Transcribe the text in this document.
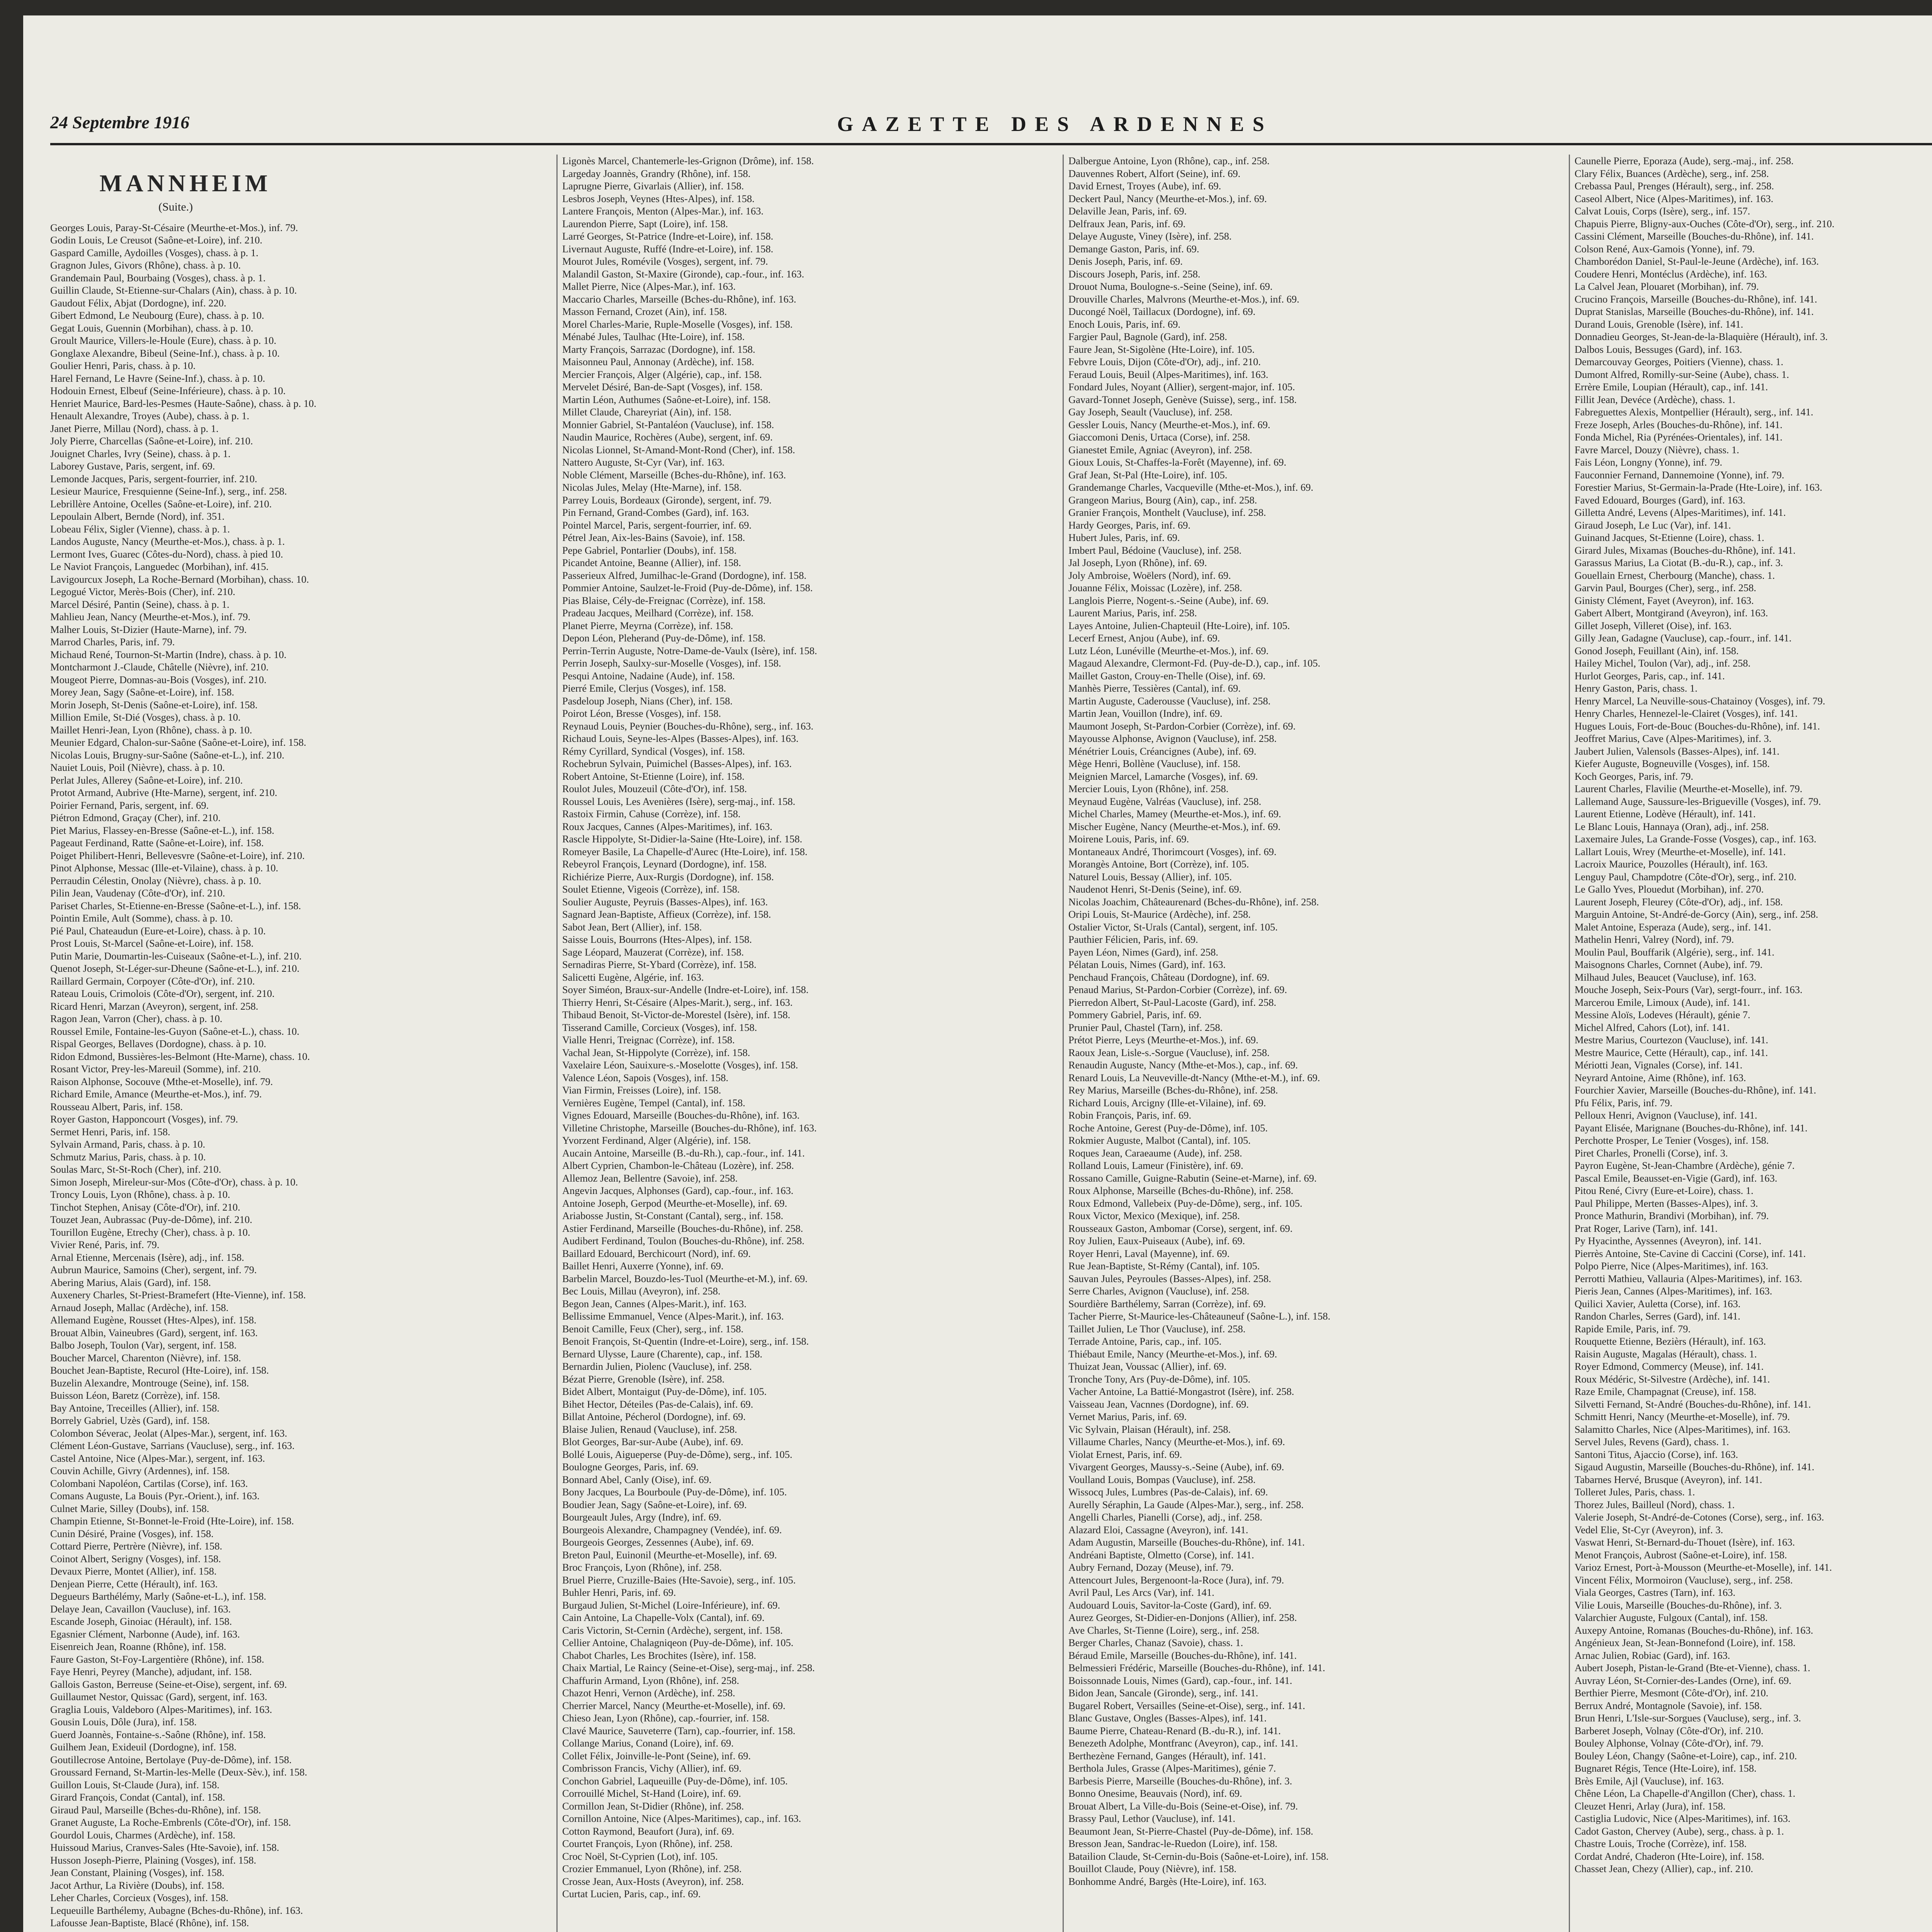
24 Septembre 1916	GAZETTE DES ARDENNES
MANNHEIM
(Suite.)
Georges Louis, Paray-St-Césaire (Meurthe-et-Mos.), inf. 79.
Godin Louis, Le Creusot (Saône-et-Loire), inf. 210.
Gaspard Camille, Aydoilles (Vosges), chass. à p. 1.
Gragnon Jules, Givors (Rhône), chass. à p. 10.
Grandemain Paul, Bourbaing (Vosges), chass. à p. 1.
Guillin Claude, St-Etienne-sur-Chalars (Ain), chass. à p. 10.
Gaudout Félix, Abjat (Dordogne), inf. 220.
Gibert Edmond, Le Neubourg (Eure), chass. à p. 10.
Gegat Louis, Guennin (Morbihan), chass. à p. 10.
Groult Maurice, Villers-le-Houle (Eure), chass. à p. 10.
Gonglaxe Alexandre, Bibeul (Seine-Inf.), chass. à p. 10.
Goulier Henri, Paris, chass. à p. 10.
Harel Fernand, Le Havre (Seine-Inf.), chass. à p. 10.
Hodouin Ernest, Elbeuf (Seine-Inférieure), chass. à p. 10.
Henriet Maurice, Bard-les-Pesmes (Haute-Saône), chass. à p. 10.
Henault Alexandre, Troyes (Aube), chass. à p. 1.
Janet Pierre, Millau (Nord), chass. à p. 1.
Joly Pierre, Charcellas (Saône-et-Loire), inf. 210.
Jouignet Charles, Ivry (Seine), chass. à p. 1.
Laborey Gustave, Paris, sergent, inf. 69.
Lemonde Jacques, Paris, sergent-fourrier, inf. 210.
Lesieur Maurice, Fresquienne (Seine-Inf.), serg., inf. 258.
Lebrillère Antoine, Ocelles (Saône-et-Loire), inf. 210.
Lepoulain Albert, Bernde (Nord), inf. 351.
Lobeau Félix, Sigler (Vienne), chass. à p. 1.
Landos Auguste, Nancy (Meurthe-et-Mos.), chass. à p. 1.
Lermont Ives, Guarec (Côtes-du-Nord), chass. à pied 10.
Le Naviot François, Languedec (Morbihan), inf. 415.
Lavigourcux Joseph, La Roche-Bernard (Morbihan), chass. 10.
Legogué Victor, Merès-Bois (Cher), inf. 210.
Marcel Désiré, Pantin (Seine), chass. à p. 1.
Mahlieu Jean, Nancy (Meurthe-et-Mos.), inf. 79.
Malher Louis, St-Dizier (Haute-Marne), inf. 79.
Marrod Charles, Paris, inf. 79.
Michaud René, Tournon-St-Martin (Indre), chass. à p. 10.
Montcharmont J.-Claude, Châtelle (Nièvre), inf. 210.
Mougeot Pierre, Domnas-au-Bois (Vosges), inf. 210.
Morey Jean, Sagy (Saône-et-Loire), inf. 158.
Morin Joseph, St-Denis (Saône-et-Loire), inf. 158.
Million Emile, St-Dié (Vosges), chass. à p. 10.
Maillet Henri-Jean, Lyon (Rhône), chass. à p. 10.
Meunier Edgard, Chalon-sur-Saône (Saône-et-Loire), inf. 158.
Nicolas Louis, Brugny-sur-Saône (Saône-et-L.), inf. 210.
Nauiet Louis, Poil (Nièvre), chass. à p. 10.
Perlat Jules, Allerey (Saône-et-Loire), inf. 210.
Protot Armand, Aubrive (Hte-Marne), sergent, inf. 210.
Poirier Fernand, Paris, sergent, inf. 69.
Piétron Edmond, Graçay (Cher), inf. 210.
Piet Marius, Flassey-en-Bresse (Saône-et-L.), inf. 158.
Pageaut Ferdinand, Ratte (Saône-et-Loire), inf. 158.
Poiget Philibert-Henri, Bellevesvre (Saône-et-Loire), inf. 210.
Pinot Alphonse, Messac (Ille-et-Vilaine), chass. à p. 10.
Perraudin Célestin, Onolay (Nièvre), chass. à p. 10.
Pilin Jean, Vaudenay (Côte-d'Or), inf. 210.
Pariset Charles, St-Etienne-en-Bresse (Saône-et-L.), inf. 158.
Pointin Emile, Ault (Somme), chass. à p. 10.
Pié Paul, Chateaudun (Eure-et-Loire), chass. à p. 10.
Prost Louis, St-Marcel (Saône-et-Loire), inf. 158.
Putin Marie, Doumartin-les-Cuiseaux (Saône-et-L.), inf. 210.
Quenot Joseph, St-Léger-sur-Dheune (Saône-et-L.), inf. 210.
Raillard Germain, Corpoyer (Côte-d'Or), inf. 210.
Rateau Louis, Crimolois (Côte-d'Or), sergent, inf. 210.
Ricard Henri, Marzan (Aveyron), sergent, inf. 258.
Ragon Jean, Varron (Cher), chass. à p. 10.
Roussel Emile, Fontaine-les-Guyon (Saône-et-L.), chass. 10.
Rispal Georges, Bellaves (Dordogne), chass. à p. 10.
Ridon Edmond, Bussières-les-Belmont (Hte-Marne), chass. 10.
Rosant Victor, Prey-les-Mareuil (Somme), inf. 210.
Raison Alphonse, Socouve (Mthe-et-Moselle), inf. 79.
Richard Emile, Amance (Meurthe-et-Mos.), inf. 79.
Rousseau Albert, Paris, inf. 158.
Royer Gaston, Happoncourt (Vosges), inf. 79.
Sermet Henri, Paris, inf. 158.
Sylvain Armand, Paris, chass. à p. 10.
Schmutz Marius, Paris, chass. à p. 10.
Soulas Marc, St-St-Roch (Cher), inf. 210.
Simon Joseph, Mireleur-sur-Mos (Côte-d'Or), chass. à p. 10.
Troncy Louis, Lyon (Rhône), chass. à p. 10.
Tinchot Stephen, Anisay (Côte-d'Or), inf. 210.
Touzet Jean, Aubrassac (Puy-de-Dôme), inf. 210.
Tourillon Eugène, Etrechy (Cher), chass. à p. 10.
Vivier René, Paris, inf. 79.
Arnal Etienne, Mercenais (Isère), adj., inf. 158.
Aubrun Maurice, Samoins (Cher), sergent, inf. 79.
Abering Marius, Alais (Gard), inf. 158.
Auxenery Charles, St-Priest-Bramefert (Hte-Vienne), inf. 158.
Arnaud Joseph, Mallac (Ardèche), inf. 158.
Allemand Eugène, Rousset (Htes-Alpes), inf. 158.
Brouat Albin, Vaineubres (Gard), sergent, inf. 163.
Balbo Joseph, Toulon (Var), sergent, inf. 158.
Boucher Marcel, Charenton (Nièvre), inf. 158.
Bouchet Jean-Baptiste, Recurol (Hte-Loire), inf. 158.
Buzelin Alexandre, Montrouge (Seine), inf. 158.
Buisson Léon, Baretz (Corrèze), inf. 158.
Bay Antoine, Treceilles (Allier), inf. 158.
Borrely Gabriel, Uzès (Gard), inf. 158.
Colombon Séverac, Jeolat (Alpes-Mar.), sergent, inf. 163.
Clément Léon-Gustave, Sarrians (Vaucluse), serg., inf. 163.
Castel Antoine, Nice (Alpes-Mar.), sergent, inf. 163.
Couvin Achille, Givry (Ardennes), inf. 158.
Colombani Napoléon, Cartilas (Corse), inf. 163.
Comans Auguste, La Bouis (Pyr.-Orient.), inf. 163.
Culnet Marie, Silley (Doubs), inf. 158.
Champin Etienne, St-Bonnet-le-Froid (Hte-Loire), inf. 158.
Cunin Désiré, Praine (Vosges), inf. 158.
Cottard Pierre, Pertrère (Nièvre), inf. 158.
Coinot Albert, Serigny (Vosges), inf. 158.
Devaux Pierre, Montet (Allier), inf. 158.
Denjean Pierre, Cette (Hérault), inf. 163.
Degueurs Barthélémy, Marly (Saône-et-L.), inf. 158.
Delaye Jean, Cavaillon (Vaucluse), inf. 163.
Escande Joseph, Ginoiac (Hérault), inf. 158.
Egasnier Clément, Narbonne (Aude), inf. 163.
Eisenreich Jean, Roanne (Rhône), inf. 158.
Faure Gaston, St-Foy-Largentière (Rhône), inf. 158.
Faye Henri, Peyrey (Manche), adjudant, inf. 158.
Gallois Gaston, Berreuse (Seine-et-Oise), sergent, inf. 69.
Guillaumet Nestor, Quissac (Gard), sergent, inf. 163.
Graglia Louis, Valdeboro (Alpes-Maritimes), inf. 163.
Gousin Louis, Dôle (Jura), inf. 158.
Guerd Joannès, Fontaine-s.-Saône (Rhône), inf. 158.
Guilhem Jean, Exideuil (Dordogne), inf. 158.
Goutillecrose Antoine, Bertolaye (Puy-de-Dôme), inf. 158.
Groussard Fernand, St-Martin-les-Melle (Deux-Sèv.), inf. 158.
Guillon Louis, St-Claude (Jura), inf. 158.
Girard François, Condat (Cantal), inf. 158.
Giraud Paul, Marseille (Bches-du-Rhône), inf. 158.
Granet Auguste, La Roche-Embrenls (Côte-d'Or), inf. 158.
Gourdol Louis, Charmes (Ardèche), inf. 158.
Huissoud Marius, Cranves-Sales (Hte-Savoie), inf. 158.
Husson Joseph-Pierre, Plaining (Vosges), inf. 158.
Jean Constant, Plaining (Vosges), inf. 158.
Jacot Arthur, La Rivière (Doubs), inf. 158.
Leher Charles, Corcieux (Vosges), inf. 158.
Lequeuille Barthélemy, Aubagne (Bches-du-Rhône), inf. 163.
Lafousse Jean-Baptiste, Blacé (Rhône), inf. 158.
Ligonès Marcel, Chantemerle-les-Grignon (Drôme), inf. 158.
Largeday Joannès, Grandry (Rhône), inf. 158.
Laprugne Pierre, Givarlais (Allier), inf. 158.
Lesbros Joseph, Veynes (Htes-Alpes), inf. 158.
Lantere François, Menton (Alpes-Mar.), inf. 163.
Laurendon Pierre, Sapt (Loire), inf. 158.
Larré Georges, St-Patrice (Indre-et-Loire), inf. 158.
Livernaut Auguste, Ruffé (Indre-et-Loire), inf. 158.
Mourot Jules, Romévile (Vosges), sergent, inf. 79.
Malandil Gaston, St-Maxire (Gironde), cap.-four., inf. 163.
Mallet Pierre, Nice (Alpes-Mar.), inf. 163.
Maccario Charles, Marseille (Bches-du-Rhône), inf. 163.
Masson Fernand, Crozet (Ain), inf. 158.
Morel Charles-Marie, Ruple-Moselle (Vosges), inf. 158.
Ménabé Jules, Taulhac (Hte-Loire), inf. 158.
Marty François, Sarrazac (Dordogne), inf. 158.
Maisonneu Paul, Annonay (Ardèche), inf. 158.
Mercier François, Alger (Algérie), cap., inf. 158.
Mervelet Désiré, Ban-de-Sapt (Vosges), inf. 158.
Martin Léon, Authumes (Saône-et-Loire), inf. 158.
Millet Claude, Chareyriat (Ain), inf. 158.
Monnier Gabriel, St-Pantaléon (Vaucluse), inf. 158.
Naudin Maurice, Rochères (Aube), sergent, inf. 69.
Nicolas Lionnel, St-Amand-Mont-Rond (Cher), inf. 158.
Nattero Auguste, St-Cyr (Var), inf. 163.
Noble Clément, Marseille (Bches-du-Rhône), inf. 163.
Nicolas Jules, Melay (Hte-Marne), inf. 158.
Parrey Louis, Bordeaux (Gironde), sergent, inf. 79.
Pin Fernand, Grand-Combes (Gard), inf. 163.
Pointel Marcel, Paris, sergent-fourrier, inf. 69.
Pétrel Jean, Aix-les-Bains (Savoie), inf. 158.
Pepe Gabriel, Pontarlier (Doubs), inf. 158.
Picandet Antoine, Beanne (Allier), inf. 158.
Passerieux Alfred, Jumilhac-le-Grand (Dordogne), inf. 158.
Pommier Antoine, Saulzet-le-Froid (Puy-de-Dôme), inf. 158.
Pias Blaise, Cély-de-Freignac (Corrèze), inf. 158.
Pradeau Jacques, Meilhard (Corrèze), inf. 158.
Planet Pierre, Meyrna (Corrèze), inf. 158.
Depon Léon, Pleherand (Puy-de-Dôme), inf. 158.
Perrin-Terrin Auguste, Notre-Dame-de-Vaulx (Isère), inf. 158.
Perrin Joseph, Saulxy-sur-Moselle (Vosges), inf. 158.
Pesqui Antoine, Nadaine (Aude), inf. 158.
Pierré Emile, Clerjus (Vosges), inf. 158.
Pasdeloup Joseph, Nians (Cher), inf. 158.
Poirot Léon, Bresse (Vosges), inf. 158.
Reynaud Louis, Peynier (Bouches-du-Rhône), serg., inf. 163.
Richaud Louis, Seyne-les-Alpes (Basses-Alpes), inf. 163.
Rémy Cyrillard, Syndical (Vosges), inf. 158.
Rochebrun Sylvain, Puimichel (Basses-Alpes), inf. 163.
Robert Antoine, St-Etienne (Loire), inf. 158.
Roulot Jules, Mouzeuil (Côte-d'Or), inf. 158.
Roussel Louis, Les Avenières (Isère), serg-maj., inf. 158.
Rastoix Firmin, Cahuse (Corrèze), inf. 158.
Roux Jacques, Cannes (Alpes-Maritimes), inf. 163.
Rascle Hippolyte, St-Didier-la-Saine (Hte-Loire), inf. 158.
Romeyer Basile, La Chapelle-d'Aurec (Hte-Loire), inf. 158.
Rebeyrol François, Leynard (Dordogne), inf. 158.
Richiérize Pierre, Aux-Rurgis (Dordogne), inf. 158.
Soulet Etienne, Vigeois (Corrèze), inf. 158.
Soulier Auguste, Peyruis (Basses-Alpes), inf. 163.
Sagnard Jean-Baptiste, Affieux (Corrèze), inf. 158.
Sabot Jean, Bert (Allier), inf. 158.
Saisse Louis, Bourrons (Htes-Alpes), inf. 158.
Sage Léopard, Mauzerat (Corrèze), inf. 158.
Sernadiras Pierre, St-Ybard (Corrèze), inf. 158.
Salicetti Eugène, Algérie, inf. 163.
Soyer Siméon, Braux-sur-Andelle (Indre-et-Loire), inf. 158.
Thierry Henri, St-Césaire (Alpes-Marit.), serg., inf. 163.
Thibaud Benoit, St-Victor-de-Morestel (Isère), inf. 158.
Tisserand Camille, Corcieux (Vosges), inf. 158.
Vialle Henri, Treignac (Corrèze), inf. 158.
Vachal Jean, St-Hippolyte (Corrèze), inf. 158.
Vaxelaire Léon, Sauixure-s.-Moselotte (Vosges), inf. 158.
Valence Léon, Sapois (Vosges), inf. 158.
Vian Firmin, Freisses (Loire), inf. 158.
Vernières Eugène, Tempel (Cantal), inf. 158.
Vignes Edouard, Marseille (Bouches-du-Rhône), inf. 163.
Villetine Christophe, Marseille (Bouches-du-Rhône), inf. 163.
Yvorzent Ferdinand, Alger (Algérie), inf. 158.
Aucain Antoine, Marseille (B.-du-Rh.), cap.-four., inf. 141.
Albert Cyprien, Chambon-le-Château (Lozère), inf. 258.
Allemoz Jean, Bellentre (Savoie), inf. 258.
Angevin Jacques, Alphonses (Gard), cap.-four., inf. 163.
Antoine Joseph, Gerpod (Meurthe-et-Moselle), inf. 69.
Ariabosse Justin, St-Constant (Cantal), serg., inf. 158.
Astier Ferdinand, Marseille (Bouches-du-Rhône), inf. 258.
Audibert Ferdinand, Toulon (Bouches-du-Rhône), inf. 258.
Baillard Edouard, Berchicourt (Nord), inf. 69.
Baillet Henri, Auxerre (Yonne), inf. 69.
Barbelin Marcel, Bouzdo-les-Tuol (Meurthe-et-M.), inf. 69.
Bec Louis, Millau (Aveyron), inf. 258.
Begon Jean, Cannes (Alpes-Marit.), inf. 163.
Bellissime Emmanuel, Vence (Alpes-Marit.), inf. 163.
Benoit Camille, Feux (Cher), serg., inf. 158.
Benoit François, St-Quentin (Indre-et-Loire), serg., inf. 158.
Bernard Ulysse, Laure (Charente), cap., inf. 158.
Bernardin Julien, Piolenc (Vaucluse), inf. 258.
Bézat Pierre, Grenoble (Isère), inf. 258.
Bidet Albert, Montaigut (Puy-de-Dôme), inf. 105.
Bihet Hector, Déteiles (Pas-de-Calais), inf. 69.
Billat Antoine, Pécherol (Dordogne), inf. 69.
Blaise Julien, Renaud (Vaucluse), inf. 258.
Blot Georges, Bar-sur-Aube (Aube), inf. 69.
Bollé Louis, Aigueperse (Puy-de-Dôme), serg., inf. 105.
Boulogne Georges, Paris, inf. 69.
Bonnard Abel, Canly (Oise), inf. 69.
Bony Jacques, La Bourboule (Puy-de-Dôme), inf. 105.
Boudier Jean, Sagy (Saône-et-Loire), inf. 69.
Bourgeault Jules, Argy (Indre), inf. 69.
Bourgeois Alexandre, Champagney (Vendée), inf. 69.
Bourgeois Georges, Zessennes (Aube), inf. 69.
Breton Paul, Euinonil (Meurthe-et-Moselle), inf. 69.
Broc François, Lyon (Rhône), inf. 258.
Bruel Pierre, Cruzille-Baies (Hte-Savoie), serg., inf. 105.
Buhler Henri, Paris, inf. 69.
Burgaud Julien, St-Michel (Loire-Inférieure), inf. 69.
Cain Antoine, La Chapelle-Volx (Cantal), inf. 69.
Caris Victorin, St-Cernin (Ardèche), sergent, inf. 158.
Cellier Antoine, Chalagniqeon (Puy-de-Dôme), inf. 105.
Chabot Charles, Les Brochites (Isère), inf. 158.
Chaix Martial, Le Raincy (Seine-et-Oise), serg-maj., inf. 258.
Chaffurin Armand, Lyon (Rhône), inf. 258.
Chazot Henri, Vernon (Ardèche), inf. 258.
Cherrier Marcel, Nancy (Meurthe-et-Moselle), inf. 69.
Chieso Jean, Lyon (Rhône), cap.-fourrier, inf. 158.
Clavé Maurice, Sauveterre (Tarn), cap.-fourrier, inf. 158.
Collange Marius, Conand (Loire), inf. 69.
Collet Félix, Joinville-le-Pont (Seine), inf. 69.
Combrisson Francis, Vichy (Allier), inf. 69.
Conchon Gabriel, Laqueuille (Puy-de-Dôme), inf. 105.
Corrouillé Michel, St-Hand (Loire), inf. 69.
Cormillon Jean, St-Didier (Rhône), inf. 258.
Cornillon Antoine, Nice (Alpes-Maritimes), cap., inf. 163.
Cotton Raymond, Beaufort (Jura), inf. 69.
Courtet François, Lyon (Rhône), inf. 258.
Croc Noël, St-Cyprien (Lot), inf. 105.
Crozier Emmanuel, Lyon (Rhône), inf. 258.
Crosse Jean, Aux-Hosts (Aveyron), inf. 258.
Curtat Lucien, Paris, cap., inf. 69.
Dalbergue Antoine, Lyon (Rhône), cap., inf. 258.
Dauvennes Robert, Alfort (Seine), inf. 69.
David Ernest, Troyes (Aube), inf. 69.
Deckert Paul, Nancy (Meurthe-et-Mos.), inf. 69.
Delaville Jean, Paris, inf. 69.
Delfraux Jean, Paris, inf. 69.
Delaye Auguste, Viney (Isère), inf. 258.
Demange Gaston, Paris, inf. 69.
Denis Joseph, Paris, inf. 69.
Discours Joseph, Paris, inf. 258.
Drouot Numa, Boulogne-s.-Seine (Seine), inf. 69.
Drouville Charles, Malvrons (Meurthe-et-Mos.), inf. 69.
Ducongé Noël, Taillacux (Dordogne), inf. 69.
Enoch Louis, Paris, inf. 69.
Fargier Paul, Bagnole (Gard), inf. 258.
Faure Jean, St-Sigolène (Hte-Loire), inf. 105.
Febvre Louis, Dijon (Côte-d'Or), adj., inf. 210.
Feraud Louis, Beuil (Alpes-Maritimes), inf. 163.
Fondard Jules, Noyant (Allier), sergent-major, inf. 105.
Gavard-Tonnet Joseph, Genève (Suisse), serg., inf. 158.
Gay Joseph, Seault (Vaucluse), inf. 258.
Gessler Louis, Nancy (Meurthe-et-Mos.), inf. 69.
Giaccomoni Denis, Urtaca (Corse), inf. 258.
Gianestet Emile, Agniac (Aveyron), inf. 258.
Gioux Louis, St-Chaffes-la-Forêt (Mayenne), inf. 69.
Graf Jean, St-Pal (Hte-Loire), inf. 105.
Grandemange Charles, Vacqueville (Mthe-et-Mos.), inf. 69.
Grangeon Marius, Bourg (Ain), cap., inf. 258.
Granier François, Monthelt (Vaucluse), inf. 258.
Hardy Georges, Paris, inf. 69.
Hubert Jules, Paris, inf. 69.
Imbert Paul, Bédoine (Vaucluse), inf. 258.
Jal Joseph, Lyon (Rhône), inf. 69.
Joly Ambroise, Woëlers (Nord), inf. 69.
Jouanne Félix, Moissac (Lozère), inf. 258.
Langlois Pierre, Nogent-s.-Seine (Aube), inf. 69.
Laurent Marius, Paris, inf. 258.
Layes Antoine, Julien-Chapteuil (Hte-Loire), inf. 105.
Lecerf Ernest, Anjou (Aube), inf. 69.
Lutz Léon, Lunéville (Meurthe-et-Mos.), inf. 69.
Magaud Alexandre, Clermont-Fd. (Puy-de-D.), cap., inf. 105.
Maillet Gaston, Crouy-en-Thelle (Oise), inf. 69.
Manhès Pierre, Tessières (Cantal), inf. 69.
Martin Auguste, Caderousse (Vaucluse), inf. 258.
Martin Jean, Vouillon (Indre), inf. 69.
Maumont Joseph, St-Pardon-Corbier (Corrèze), inf. 69.
Mayousse Alphonse, Avignon (Vaucluse), inf. 258.
Ménétrier Louis, Créancignes (Aube), inf. 69.
Mège Henri, Bollène (Vaucluse), inf. 158.
Meignien Marcel, Lamarche (Vosges), inf. 69.
Mercier Louis, Lyon (Rhône), inf. 258.
Meynaud Eugène, Valréas (Vaucluse), inf. 258.
Michel Charles, Mamey (Meurthe-et-Mos.), inf. 69.
Mischer Eugène, Nancy (Meurthe-et-Mos.), inf. 69.
Moirene Louis, Paris, inf. 69.
Montaneaux André, Thorimcourt (Vosges), inf. 69.
Morangès Antoine, Bort (Corrèze), inf. 105.
Naturel Louis, Bessay (Allier), inf. 105.
Naudenot Henri, St-Denis (Seine), inf. 69.
Nicolas Joachim, Châteaurenard (Bches-du-Rhône), inf. 258.
Oripi Louis, St-Maurice (Ardèche), inf. 258.
Ostalier Victor, St-Urals (Cantal), sergent, inf. 105.
Pauthier Félicien, Paris, inf. 69.
Payen Léon, Nimes (Gard), inf. 258.
Pélatan Louis, Nimes (Gard), inf. 163.
Penchaud François, Château (Dordogne), inf. 69.
Penaud Marius, St-Pardon-Corbier (Corrèze), inf. 69.
Pierredon Albert, St-Paul-Lacoste (Gard), inf. 258.
Pommery Gabriel, Paris, inf. 69.
Prunier Paul, Chastel (Tarn), inf. 258.
Prétot Pierre, Leys (Meurthe-et-Mos.), inf. 69.
Raoux Jean, Lisle-s.-Sorgue (Vaucluse), inf. 258.
Renaudin Auguste, Nancy (Mthe-et-Mos.), cap., inf. 69.
Renard Louis, La Neuveville-dt-Nancy (Mthe-et-M.), inf. 69.
Rey Marius, Marseille (Bches-du-Rhône), inf. 258.
Richard Louis, Arcigny (Ille-et-Vilaine), inf. 69.
Robin François, Paris, inf. 69.
Roche Antoine, Gerest (Puy-de-Dôme), inf. 105.
Rokmier Auguste, Malbot (Cantal), inf. 105.
Roques Jean, Caraeaume (Aude), inf. 258.
Rolland Louis, Lameur (Finistère), inf. 69.
Rossano Camille, Guigne-Rabutin (Seine-et-Marne), inf. 69.
Roux Alphonse, Marseille (Bches-du-Rhône), inf. 258.
Roux Edmond, Vallebeix (Puy-de-Dôme), serg., inf. 105.
Roux Victor, Mexico (Mexique), inf. 258.
Rousseaux Gaston, Ambomar (Corse), sergent, inf. 69.
Roy Julien, Eaux-Puiseaux (Aube), inf. 69.
Royer Henri, Laval (Mayenne), inf. 69.
Rue Jean-Baptiste, St-Rémy (Cantal), inf. 105.
Sauvan Jules, Peyroules (Basses-Alpes), inf. 258.
Serre Charles, Avignon (Vaucluse), inf. 258.
Sourdière Barthélemy, Sarran (Corrèze), inf. 69.
Tacher Pierre, St-Maurice-les-Châteauneuf (Saône-L.), inf. 158.
Taillet Julien, Le Thor (Vaucluse), inf. 258.
Terrade Antoine, Paris, cap., inf. 105.
Thiébaut Emile, Nancy (Meurthe-et-Mos.), inf. 69.
Thuizat Jean, Voussac (Allier), inf. 69.
Tronche Tony, Ars (Puy-de-Dôme), inf. 105.
Vacher Antoine, La Battié-Mongastrot (Isère), inf. 258.
Vaisseau Jean, Vacnnes (Dordogne), inf. 69.
Vernet Marius, Paris, inf. 69.
Vic Sylvain, Plaisan (Hérault), inf. 258.
Villaume Charles, Nancy (Meurthe-et-Mos.), inf. 69.
Violat Ernest, Paris, inf. 69.
Vivargent Georges, Maussy-s.-Seine (Aube), inf. 69.
Voulland Louis, Bompas (Vaucluse), inf. 258.
Wissocq Jules, Lumbres (Pas-de-Calais), inf. 69.
Aurelly Séraphin, La Gaude (Alpes-Mar.), serg., inf. 258.
Angelli Charles, Pianelli (Corse), adj., inf. 258.
Alazard Eloi, Cassagne (Aveyron), inf. 141.
Adam Augustin, Marseille (Bouches-du-Rhône), inf. 141.
Andréani Baptiste, Olmetto (Corse), inf. 141.
Aubry Fernand, Dozay (Meuse), inf. 79.
Attencourt Jules, Bergenoont-la-Roce (Jura), inf. 79.
Avril Paul, Les Arcs (Var), inf. 141.
Audouard Louis, Savitor-la-Coste (Gard), inf. 69.
Aurez Georges, St-Didier-en-Donjons (Allier), inf. 258.
Ave Charles, St-Tienne (Loire), serg., inf. 258.
Berger Charles, Chanaz (Savoie), chass. 1.
Béraud Emile, Marseille (Bouches-du-Rhône), inf. 141.
Belmessieri Frédéric, Marseille (Bouches-du-Rhône), inf. 141.
Boissonnade Louis, Nimes (Gard), cap.-four., inf. 141.
Bidon Jean, Sancale (Gironde), serg., inf. 141.
Bugarel Robert, Versailles (Seine-et-Oise), serg., inf. 141.
Blanc Gustave, Ongles (Basses-Alpes), inf. 141.
Baume Pierre, Chateau-Renard (B.-du-R.), inf. 141.
Benezeth Adolphe, Montfranc (Aveyron), cap., inf. 141.
Berthezène Fernand, Ganges (Hérault), inf. 141.
Berthola Jules, Grasse (Alpes-Maritimes), génie 7.
Barbesis Pierre, Marseille (Bouches-du-Rhône), inf. 3.
Bonno Onesime, Beauvais (Nord), inf. 69.
Brouat Albert, La Ville-du-Bois (Seine-et-Oise), inf. 79.
Brassy Paul, Lethor (Vaucluse), inf. 141.
Beaumont Jean, St-Pierre-Chastel (Puy-de-Dôme), inf. 158.
Bresson Jean, Sandrac-le-Ruedon (Loire), inf. 158.
Batailion Claude, St-Cernin-du-Bois (Saône-et-Loire), inf. 158.
Bouillot Claude, Pouy (Nièvre), inf. 158.
Bonhomme André, Bargès (Hte-Loire), inf. 163.
Caunelle Pierre, Eporaza (Aude), serg.-maj., inf. 258.
Clary Félix, Buances (Ardèche), serg., inf. 258.
Crebassa Paul, Prenges (Hérault), serg., inf. 258.
Caseol Albert, Nice (Alpes-Maritimes), inf. 163.
Calvat Louis, Corps (Isère), serg., inf. 157.
Chapuis Pierre, Bligny-aux-Ouches (Côte-d'Or), serg., inf. 210.
Cassini Clément, Marseille (Bouches-du-Rhône), inf. 141.
Colson René, Aux-Gamois (Yonne), inf. 79.
Chamborédon Daniel, St-Paul-le-Jeune (Ardèche), inf. 163.
Coudere Henri, Montéclus (Ardèche), inf. 163.
La Calvel Jean, Plouaret (Morbihan), inf. 79.
Crucino François, Marseille (Bouches-du-Rhône), inf. 141.
Duprat Stanislas, Marseille (Bouches-du-Rhône), inf. 141.
Durand Louis, Grenoble (Isère), inf. 141.
Donnadieu Georges, St-Jean-de-la-Blaquière (Hérault), inf. 3.
Dalbos Louis, Bessuges (Gard), inf. 163.
Demarcouvay Georges, Poitiers (Vienne), chass. 1.
Dumont Alfred, Romilly-sur-Seine (Aube), chass. 1.
Errère Emile, Loupian (Hérault), cap., inf. 141.
Fillit Jean, Devéce (Ardèche), chass. 1.
Fabreguettes Alexis, Montpellier (Hérault), serg., inf. 141.
Freze Joseph, Arles (Bouches-du-Rhône), inf. 141.
Fonda Michel, Ria (Pyrénées-Orientales), inf. 141.
Favre Marcel, Douzy (Nièvre), chass. 1.
Fais Léon, Longny (Yonne), inf. 79.
Fauconnier Fernand, Dannemoine (Yonne), inf. 79.
Forestier Marius, St-Germain-la-Prade (Hte-Loire), inf. 163.
Faved Edouard, Bourges (Gard), inf. 163.
Gilletta André, Levens (Alpes-Maritimes), inf. 141.
Giraud Joseph, Le Luc (Var), inf. 141.
Guinand Jacques, St-Etienne (Loire), chass. 1.
Girard Jules, Mixamas (Bouches-du-Rhône), inf. 141.
Garassus Marius, La Ciotat (B.-du-R.), cap., inf. 3.
Gouellain Ernest, Cherbourg (Manche), chass. 1.
Garvin Paul, Bourges (Cher), serg., inf. 258.
Ginisty Clément, Fayet (Aveyron), inf. 163.
Gabert Albert, Montgirand (Aveyron), inf. 163.
Gillet Joseph, Villeret (Oise), inf. 163.
Gilly Jean, Gadagne (Vaucluse), cap.-fourr., inf. 141.
Gonod Joseph, Feuillant (Ain), inf. 158.
Hailey Michel, Toulon (Var), adj., inf. 258.
Hurlot Georges, Paris, cap., inf. 141.
Henry Gaston, Paris, chass. 1.
Henry Marcel, La Neuville-sous-Chatainoy (Vosges), inf. 79.
Henry Charles, Hennezel-le-Clairet (Vosges), inf. 141.
Hugues Louis, Fort-de-Bouc (Bouches-du-Rhône), inf. 141.
Jeoffret Marius, Cave (Alpes-Maritimes), inf. 3.
Jaubert Julien, Valensols (Basses-Alpes), inf. 141.
Kiefer Auguste, Bogneuville (Vosges), inf. 158.
Koch Georges, Paris, inf. 79.
Laurent Charles, Flavilie (Meurthe-et-Moselle), inf. 79.
Lallemand Auge, Saussure-les-Brigueville (Vosges), inf. 79.
Laurent Etienne, Lodève (Hérault), inf. 141.
Le Blanc Louis, Hannaya (Oran), adj., inf. 258.
Laxemaire Jules, La Grande-Fosse (Vosges), cap., inf. 163.
Lallart Louis, Wrey (Meurthe-et-Moselle), inf. 141.
Lacroix Maurice, Pouzolles (Hérault), inf. 163.
Lenguy Paul, Champdotre (Côte-d'Or), serg., inf. 210.
Le Gallo Yves, Plouedut (Morbihan), inf. 270.
Laurent Joseph, Fleurey (Côte-d'Or), adj., inf. 158.
Marguin Antoine, St-André-de-Gorcy (Ain), serg., inf. 258.
Malet Antoine, Esperaza (Aude), serg., inf. 141.
Mathelin Henri, Valrey (Nord), inf. 79.
Moulin Paul, Bouffarik (Algérie), serg., inf. 141.
Maisognons Charles, Cornnet (Aube), inf. 79.
Milhaud Jules, Beaucet (Vaucluse), inf. 163.
Mouche Joseph, Seix-Pours (Var), sergt-fourr., inf. 163.
Marcerou Emile, Limoux (Aude), inf. 141.
Messine Aloïs, Lodeves (Hérault), génie 7.
Michel Alfred, Cahors (Lot), inf. 141.
Mestre Marius, Courtezon (Vaucluse), inf. 141.
Mestre Maurice, Cette (Hérault), cap., inf. 141.
Mériotti Jean, Vignales (Corse), inf. 141.
Neyrard Antoine, Aime (Rhône), inf. 163.
Fourchier Xavier, Marseille (Bouches-du-Rhône), inf. 141.
Pfu Félix, Paris, inf. 79.
Pelloux Henri, Avignon (Vaucluse), inf. 141.
Payant Elisée, Marignane (Bouches-du-Rhône), inf. 141.
Perchotte Prosper, Le Tenier (Vosges), inf. 158.
Piret Charles, Pronelli (Corse), inf. 3.
Payron Eugène, St-Jean-Chambre (Ardèche), génie 7.
Pascal Emile, Beausset-en-Vigie (Gard), inf. 163.
Pitou René, Civry (Eure-et-Loire), chass. 1.
Paul Philippe, Merten (Basses-Alpes), inf. 3.
Pronce Mathurin, Brandivi (Morbihan), inf. 79.
Prat Roger, Larive (Tarn), inf. 141.
Py Hyacinthe, Ayssennes (Aveyron), inf. 141.
Pierrès Antoine, Ste-Cavine di Caccini (Corse), inf. 141.
Polpo Pierre, Nice (Alpes-Maritimes), inf. 163.
Perrotti Mathieu, Vallauria (Alpes-Maritimes), inf. 163.
Pieris Jean, Cannes (Alpes-Maritimes), inf. 163.
Quilici Xavier, Auletta (Corse), inf. 163.
Randon Charles, Serres (Gard), inf. 141.
Rapide Emile, Paris, inf. 79.
Rouquette Etienne, Bezièrs (Hérault), inf. 163.
Raisin Auguste, Magalas (Hérault), chass. 1.
Royer Edmond, Commercy (Meuse), inf. 141.
Roux Médéric, St-Silvestre (Ardèche), inf. 141.
Raze Emile, Champagnat (Creuse), inf. 158.
Silvetti Fernand, St-André (Bouches-du-Rhône), inf. 141.
Schmitt Henri, Nancy (Meurthe-et-Moselle), inf. 79.
Salamitto Charles, Nice (Alpes-Maritimes), inf. 163.
Servel Jules, Revens (Gard), chass. 1.
Santoni Titus, Ajaccio (Corse), inf. 163.
Sigaud Augustin, Marseille (Bouches-du-Rhône), inf. 141.
Tabarnes Hervé, Brusque (Aveyron), inf. 141.
Tolleret Jules, Paris, chass. 1.
Thorez Jules, Bailleul (Nord), chass. 1.
Valerie Joseph, St-André-de-Cotones (Corse), serg., inf. 163.
Vedel Elie, St-Cyr (Aveyron), inf. 3.
Vaswat Henri, St-Bernard-du-Thouet (Isère), inf. 163.
Menot François, Aubrost (Saône-et-Loire), inf. 158.
Varioz Ernest, Port-à-Mousson (Meurthe-et-Moselle), inf. 141.
Vincent Félix, Mormoiron (Vaucluse), serg., inf. 258.
Viala Georges, Castres (Tarn), inf. 163.
Vilie Louis, Marseille (Bouches-du-Rhône), inf. 3.
Valarchier Auguste, Fulgoux (Cantal), inf. 158.
Auxepy Antoine, Romanas (Bouches-du-Rhône), inf. 163.
Angénieux Jean, St-Jean-Bonnefond (Loire), inf. 158.
Arnac Julien, Robiac (Gard), inf. 163.
Aubert Joseph, Pistan-le-Grand (Bte-et-Vienne), chass. 1.
Auvray Léon, St-Cornier-des-Landes (Orne), inf. 69.
Berthier Pierre, Mesmont (Côte-d'Or), inf. 210.
Berrux André, Montagnole (Savoie), inf. 158.
Brun Henri, L'Isle-sur-Sorgues (Vaucluse), serg., inf. 3.
Barberet Joseph, Volnay (Côte-d'Or), inf. 210.
Bouley Alphonse, Volnay (Côte-d'Or), inf. 79.
Bouley Léon, Changy (Saône-et-Loire), cap., inf. 210.
Bugnaret Régis, Tence (Hte-Loire), inf. 158.
Brès Emile, Ajl (Vaucluse), inf. 163.
Chêne Léon, La Chapelle-d'Angillon (Cher), chass. 1.
Cleuzet Henri, Arlay (Jura), inf. 158.
Castiglia Ludovic, Nice (Alpes-Maritimes), inf. 163.
Cadot Gaston, Chervey (Aube), serg., chass. à p. 1.
Chastre Louis, Troche (Corrèze), inf. 158.
Cordat André, Chaderon (Hte-Loire), inf. 158.
Chasset Jean, Chezy (Allier), cap., inf. 210.
